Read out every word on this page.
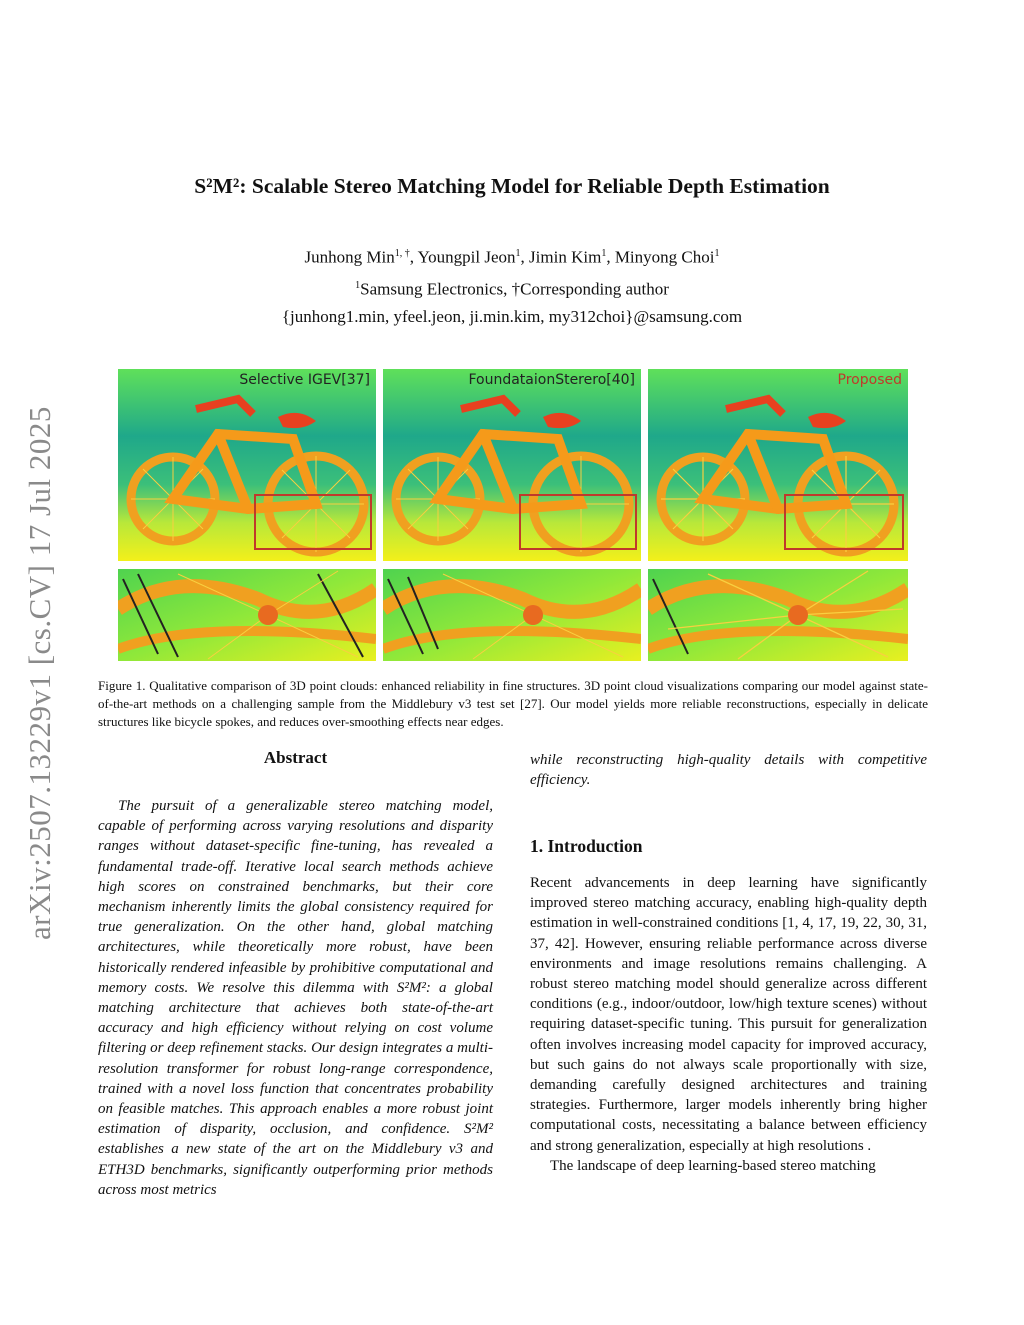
arXiv:2507.13229v1 [cs.CV] 17 Jul 2025
S²M²: Scalable Stereo Matching Model for Reliable Depth Estimation
Junhong Min$^{1, \dagger}$, Youngpil Jeon$^1$, Jimin Kim$^1$, Minyong Choi$^1$
$^1$Samsung Electronics, †Corresponding author
{junhong1.min, yfeel.jeon, ji.min.kim, my312choi}@samsung.com
Selective IGEV[37]	FoundataionSterero[40]	Proposed
Figure 1. Qualitative comparison of 3D point clouds: enhanced reliability in fine structures. 3D point cloud visualizations comparing our model against state-of-the-art methods on a challenging sample from the Middlebury v3 test set [27]. Our model yields more reliable reconstructions, especially in delicate structures like bicycle spokes, and reduces over-smoothing effects near edges.
Abstract

The pursuit of a generalizable stereo matching model, capable of performing across varying resolutions and disparity ranges without dataset-specific fine-tuning, has revealed a fundamental trade-off. Iterative local search methods achieve high scores on constrained benchmarks, but their core mechanism inherently limits the global consistency required for true generalization. On the other hand, global matching architectures, while theoretically more robust, have been historically rendered infeasible by prohibitive computational and memory costs. We resolve this dilemma with S²M²: a global matching architecture that achieves both state-of-the-art accuracy and high efficiency without relying on cost volume filtering or deep refinement stacks. Our design integrates a multi-resolution transformer for robust long-range correspondence, trained with a novel loss function that concentrates probability on feasible matches. This approach enables a more robust joint estimation of disparity, occlusion, and confidence. S²M² establishes a new state of the art on the Middlebury v3 and ETH3D benchmarks, significantly outperforming prior methods across most metrics

while reconstructing high-quality details with competitive efficiency.
1. Introduction

Recent advancements in deep learning have significantly improved stereo matching accuracy, enabling high-quality depth estimation in well-constrained conditions [1, 4, 17, 19, 22, 30, 31, 37, 42]. However, ensuring reliable performance across diverse environments and image resolutions remains challenging. A robust stereo matching model should generalize across different conditions (e.g., indoor/outdoor, low/high texture scenes) without requiring dataset-specific tuning. This pursuit for generalization often involves increasing model capacity for improved accuracy, but such gains do not always scale proportionally with size, demanding carefully designed architectures and training strategies. Furthermore, larger models inherently bring higher computational costs, necessitating a balance between efficiency and strong generalization, especially at high resolutions .

The landscape of deep learning-based stereo matching
